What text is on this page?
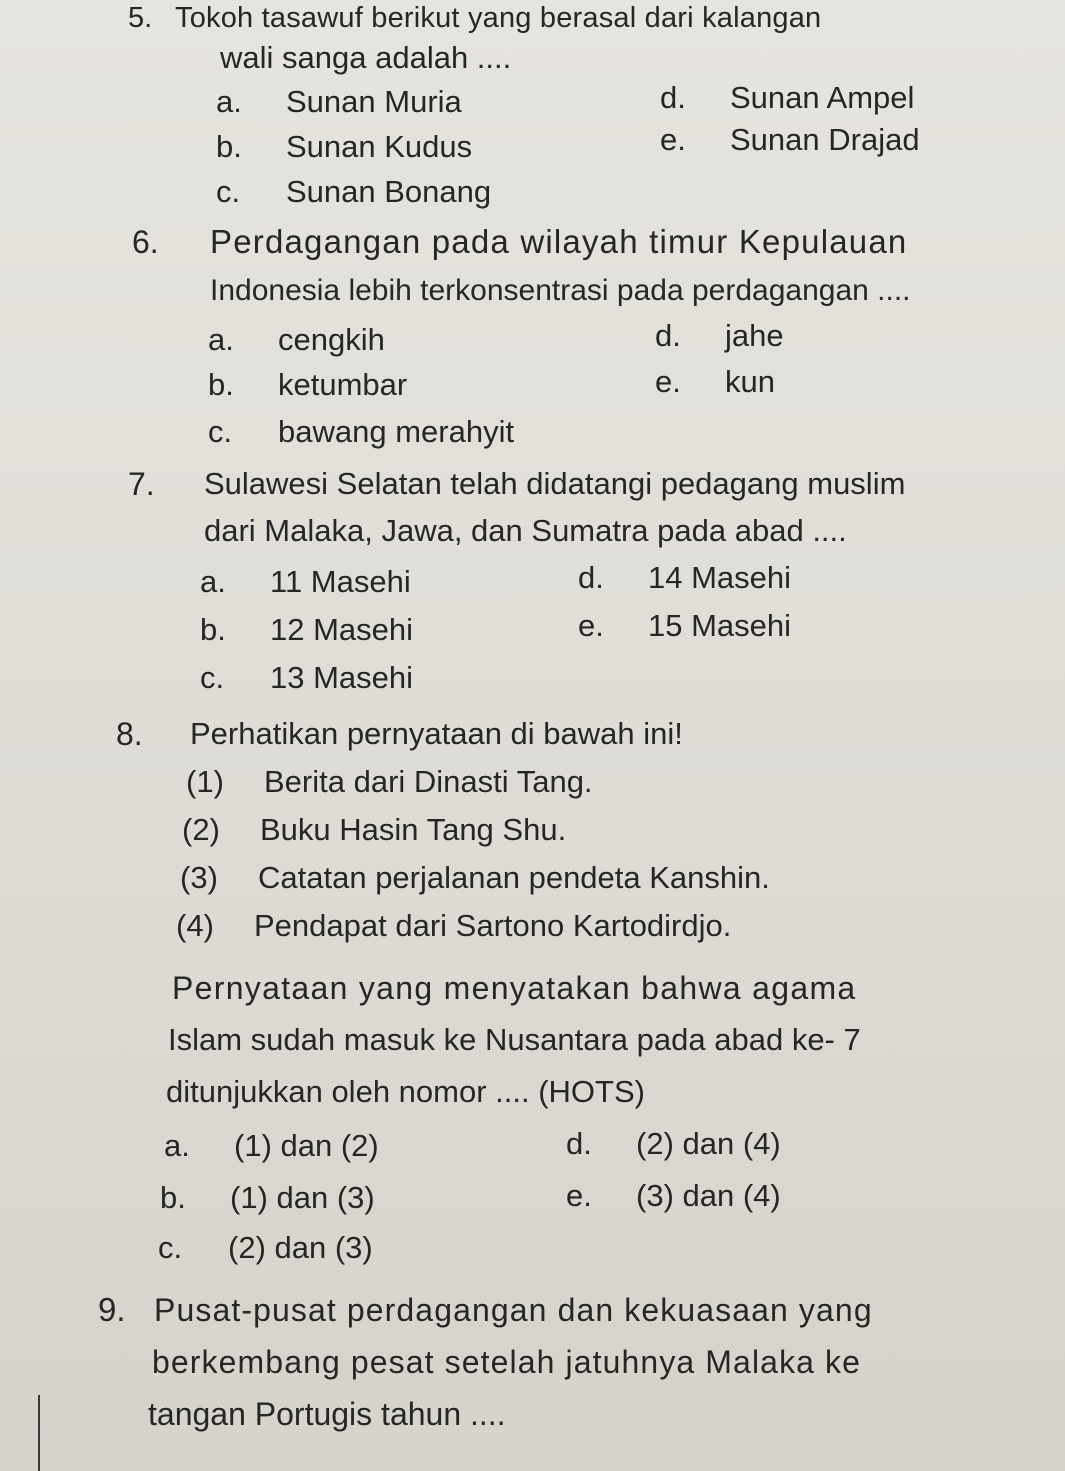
5. Tokoh tasawuf berikut yang berasal dari kalangan
wali sanga adalah ....
a. Sunan Muria
b. Sunan Kudus
c. Sunan Bonang
d. Sunan Ampel
e. Sunan Drajad
6. Perdagangan pada wilayah timur Kepulauan
Indonesia lebih terkonsentrasi pada perdagangan ....
a. cengkih
b. ketumbar
c. bawang merahyit
d. jahe
e. kun
7. Sulawesi Selatan telah didatangi pedagang muslim
dari Malaka, Jawa, dan Sumatra pada abad ....
a. 11 Masehi
b. 12 Masehi
c. 13 Masehi
d. 14 Masehi
e. 15 Masehi
8. Perhatikan pernyataan di bawah ini!
(1) Berita dari Dinasti Tang.
(2) Buku Hasin Tang Shu.
(3) Catatan perjalanan pendeta Kanshin.
(4) Pendapat dari Sartono Kartodirdjo.
Pernyataan yang menyatakan bahwa agama
Islam sudah masuk ke Nusantara pada abad ke- 7
ditunjukkan oleh nomor .... (HOTS)
a. (1) dan (2)
b. (1) dan (3)
c. (2) dan (3)
d. (2) dan (4)
e. (3) dan (4)
9. Pusat-pusat perdagangan dan kekuasaan yang
berkembang pesat setelah jatuhnya Malaka ke
tangan Portugis tahun ....
